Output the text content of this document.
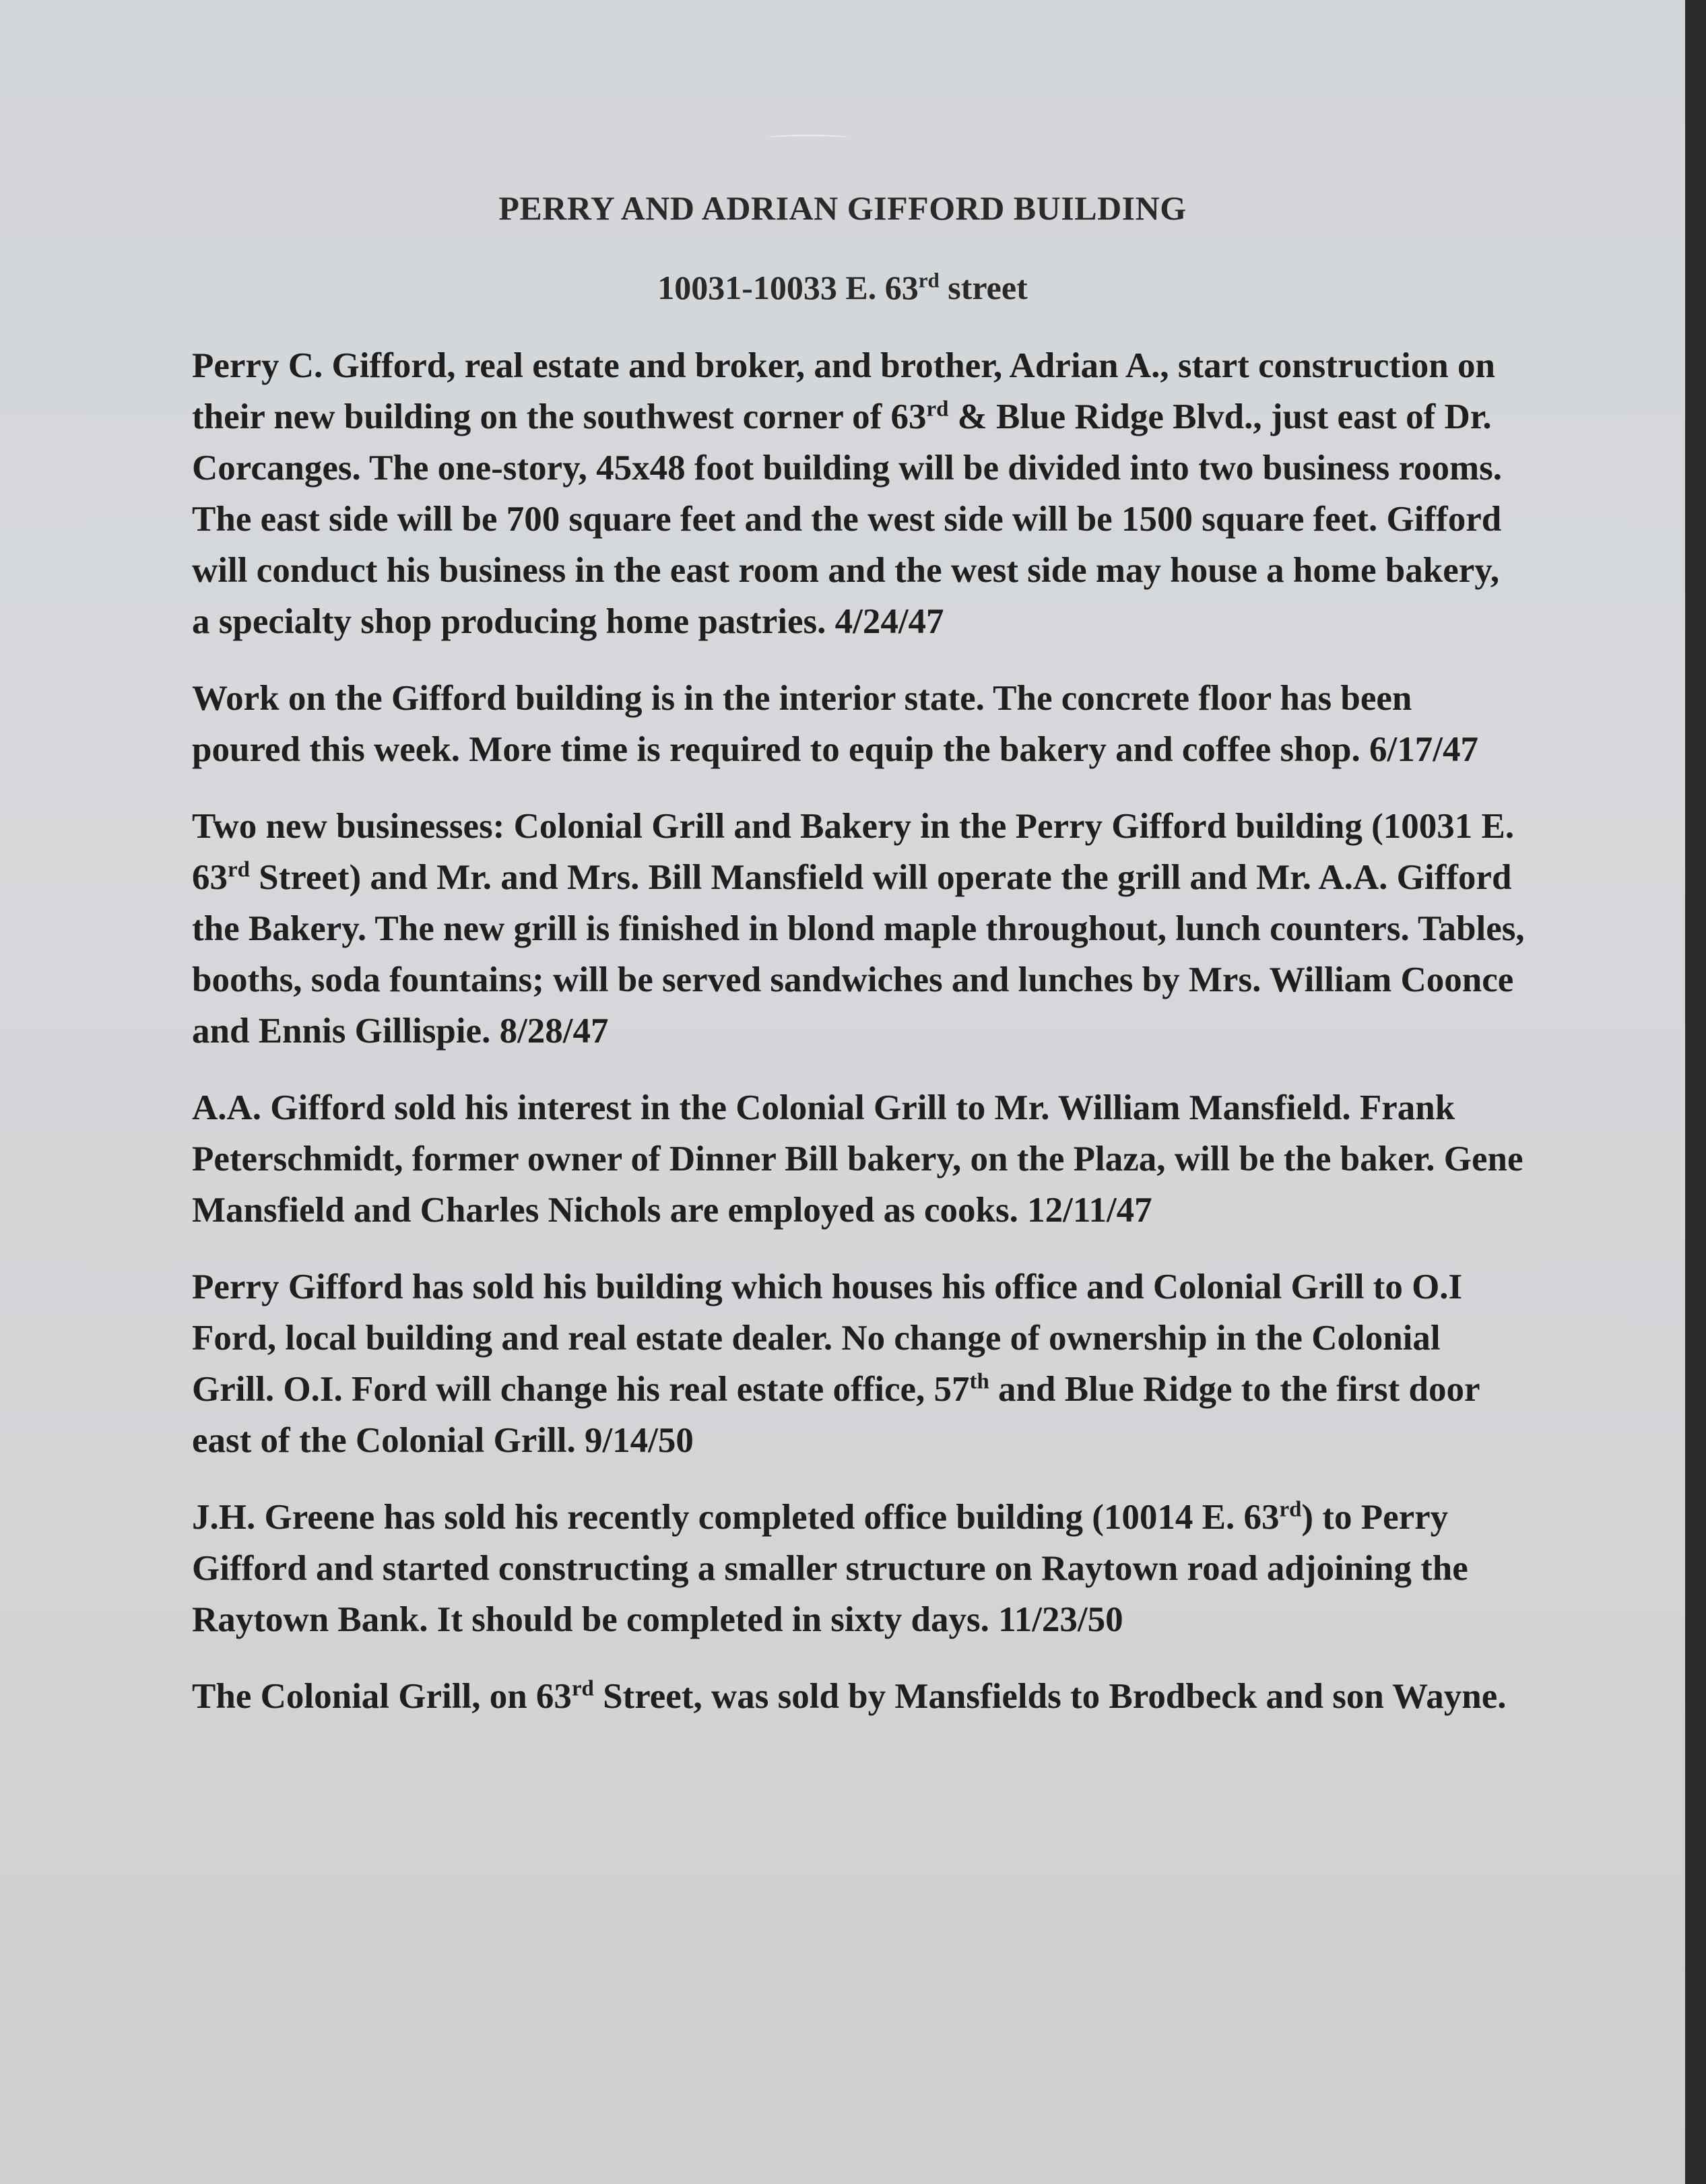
PERRY AND ADRIAN GIFFORD BUILDING
10031-10033 E. 63rd street

Perry C. Gifford, real estate and broker, and brother, Adrian A., start construction on their new building on the southwest corner of 63rd & Blue Ridge Blvd., just east of Dr. Corcanges. The one-story, 45x48 foot building will be divided into two business rooms. The east side will be 700 square feet and the west side will be 1500 square feet. Gifford will conduct his business in the east room and the west side may house a home bakery, a specialty shop producing home pastries. 4/24/47

Work on the Gifford building is in the interior state. The concrete floor has been poured this week. More time is required to equip the bakery and coffee shop. 6/17/47

Two new businesses: Colonial Grill and Bakery in the Perry Gifford building (10031 E. 63rd Street) and Mr. and Mrs. Bill Mansfield will operate the grill and Mr. A.A. Gifford the Bakery. The new grill is finished in blond maple throughout, lunch counters. Tables, booths, soda fountains; will be served sandwiches and lunches by Mrs. William Coonce and Ennis Gillispie. 8/28/47

A.A. Gifford sold his interest in the Colonial Grill to Mr. William Mansfield. Frank Peterschmidt, former owner of Dinner Bill bakery, on the Plaza, will be the baker. Gene Mansfield and Charles Nichols are employed as cooks. 12/11/47

Perry Gifford has sold his building which houses his office and Colonial Grill to O.I Ford, local building and real estate dealer. No change of ownership in the Colonial Grill. O.I. Ford will change his real estate office, 57th and Blue Ridge to the first door east of the Colonial Grill. 9/14/50

J.H. Greene has sold his recently completed office building (10014 E. 63rd) to Perry Gifford and started constructing a smaller structure on Raytown road adjoining the Raytown Bank. It should be completed in sixty days. 11/23/50

The Colonial Grill, on 63rd Street, was sold by Mansfields to Brodbeck and son Wayne.
